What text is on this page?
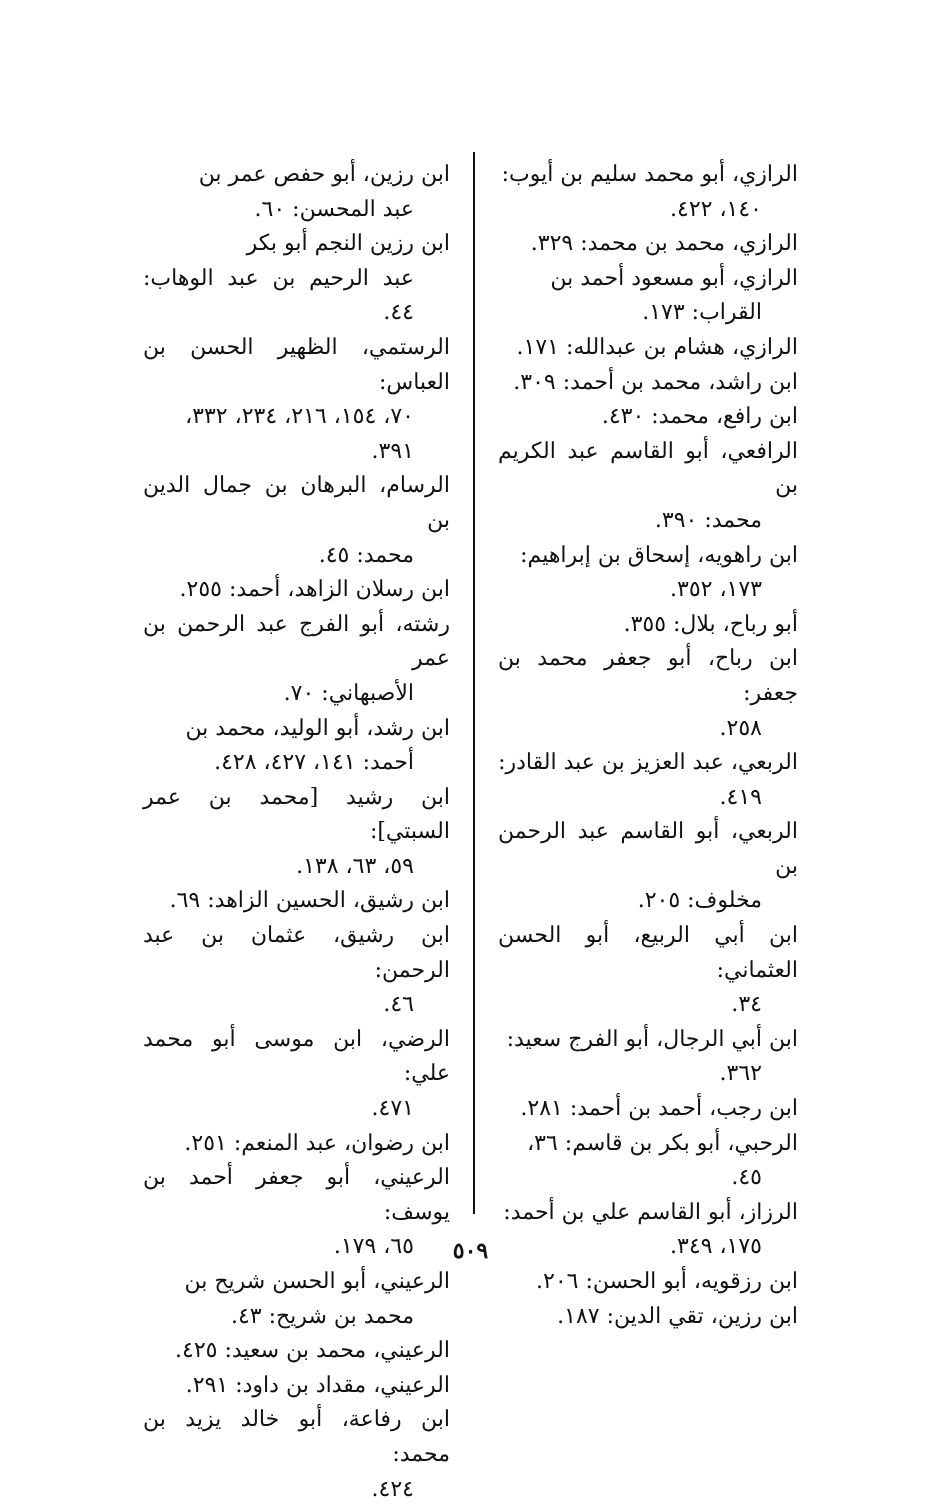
الرازي، أبو محمد سليم بن أيوب:
١٤٠، ٤٢٢.
الرازي، محمد بن محمد: ٣٢٩.
الرازي، أبو مسعود أحمد بن
القراب: ١٧٣.
الرازي، هشام بن عبدالله: ١٧١.
ابن راشد، محمد بن أحمد: ٣٠٩.
ابن رافع، محمد: ٤٣٠.
الرافعي، أبو القاسم عبد الكريم بن
محمد: ٣٩٠.
ابن راهويه، إسحاق بن إبراهيم:
١٧٣، ٣٥٢.
أبو رباح، بلال: ٣٥٥.
ابن رباح، أبو جعفر محمد بن جعفر:
٢٥٨.
الربعي، عبد العزيز بن عبد القادر:
٤١٩.
الربعي، أبو القاسم عبد الرحمن بن
مخلوف: ٢٠٥.
ابن أبي الربيع، أبو الحسن العثماني:
٣٤.
ابن أبي الرجال، أبو الفرج سعيد:
٣٦٢.
ابن رجب، أحمد بن أحمد: ٢٨١.
الرحبي، أبو بكر بن قاسم: ٣٦،
٤٥.
الرزاز، أبو القاسم علي بن أحمد:
١٧٥، ٣٤٩.
ابن رزقويه، أبو الحسن: ٢٠٦.
ابن رزين، تقي الدين: ١٨٧.
ابن رزين، أبو حفص عمر بن
عبد المحسن: ٦٠.
ابن رزين النجم أبو بكر
عبد الرحيم بن عبد الوهاب: ٤٤.
الرستمي، الظهير الحسن بن العباس:
٧٠، ١٥٤، ٢١٦، ٢٣٤، ٣٣٢،
٣٩١.
الرسام، البرهان بن جمال الدين بن
محمد: ٤٥.
ابن رسلان الزاهد، أحمد: ٢٥٥.
رشته، أبو الفرج عبد الرحمن بن عمر
الأصبهاني: ٧٠.
ابن رشد، أبو الوليد، محمد بن
أحمد: ١٤١، ٤٢٧، ٤٢٨.
ابن رشيد [محمد بن عمر السبتي]:
٥٩، ٦٣، ١٣٨.
ابن رشيق، الحسين الزاهد: ٦٩.
ابن رشيق، عثمان بن عبد الرحمن:
٤٦.
الرضي، ابن موسى أبو محمد علي:
٤٧١.
ابن رضوان، عبد المنعم: ٢٥١.
الرعيني، أبو جعفر أحمد بن يوسف:
٦٥، ١٧٩.
الرعيني، أبو الحسن شريح بن
محمد بن شريح: ٤٣.
الرعيني، محمد بن سعيد: ٤٢٥.
الرعيني، مقداد بن داود: ٢٩١.
ابن رفاعة، أبو خالد يزيد بن محمد:
٤٢٤.
٥٠٩
